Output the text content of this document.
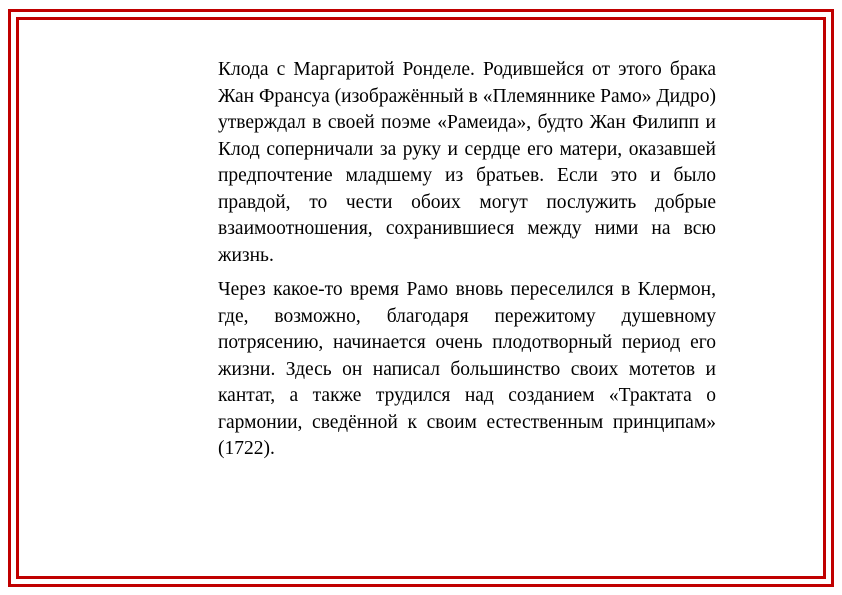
Клода с Маргаритой Ронделе. Родившейся от этого брака Жан Франсуа (изображённый в «Племяннике Рамо» Дидро) утверждал в своей поэме «Рамеида», будто Жан Филипп и Клод соперничали за руку и сердце его матери, оказавшей предпочтение младшему из братьев. Если это и было правдой, то чести обоих могут послужить добрые взаимоотношения, сохранившиеся между ними на всю жизнь.

Через какое-то время Рамо вновь переселился в Клермон, где, возможно, благодаря пережитому душевному потрясению, начинается очень плодотворный период его жизни. Здесь он написал большинство своих мотетов и кантат, а также трудился над созданием «Трактата о гармонии, сведённой к своим естественным принципам» (1722).
